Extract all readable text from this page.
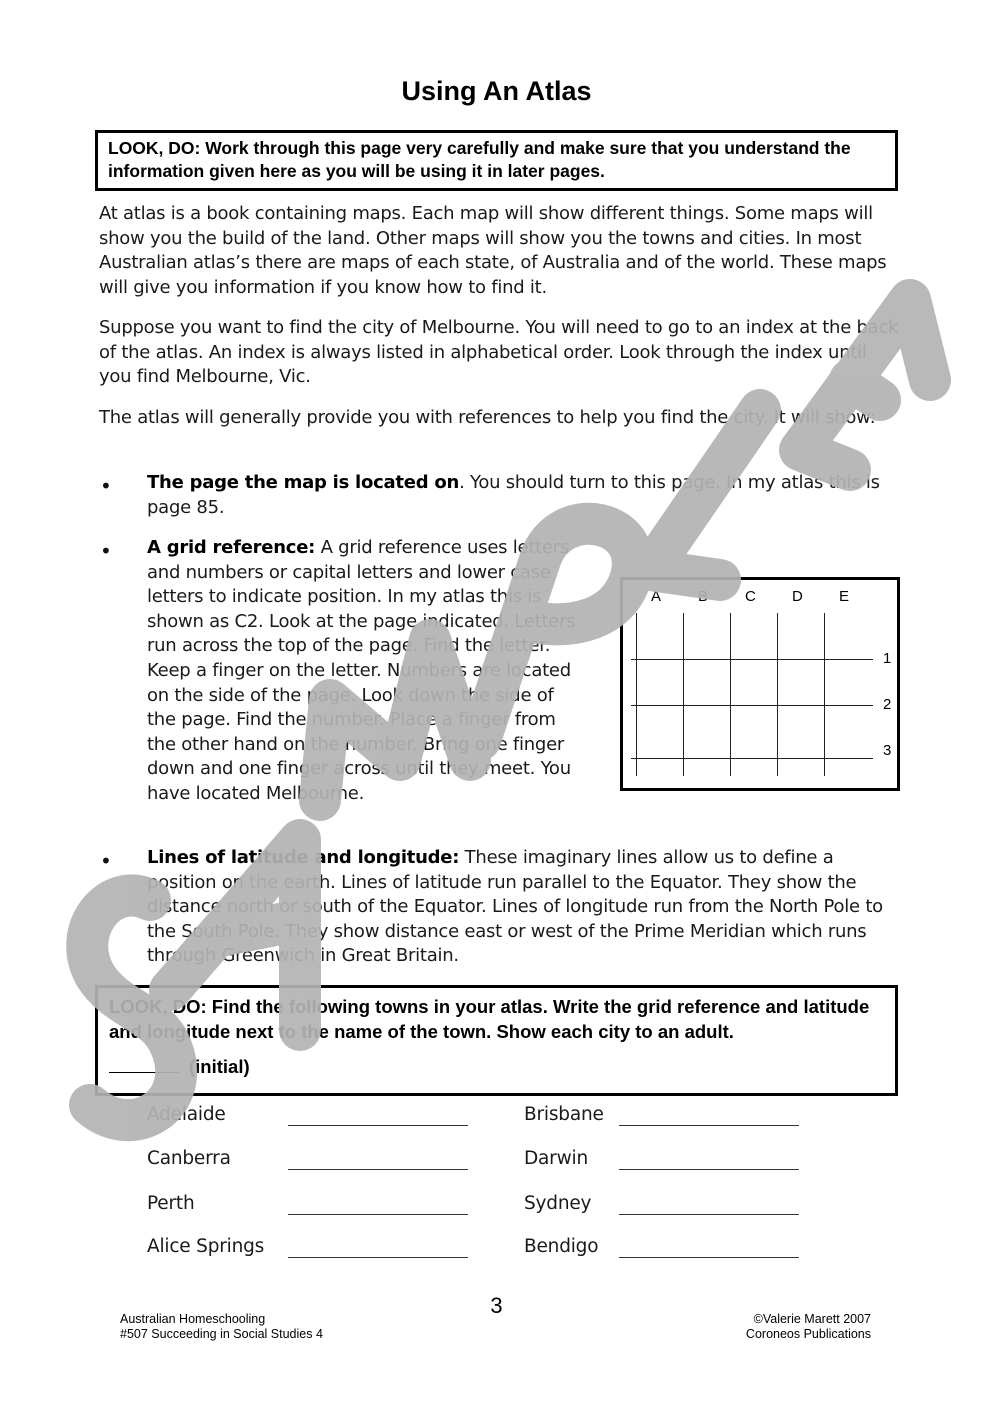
Using An Atlas

LOOK, DO: Work through this page very carefully and make sure that you understand the information given here as you will be using it in later pages.

At atlas is a book containing maps. Each map will show different things. Some maps will show you the build of the land. Other maps will show you the towns and cities. In most Australian atlas’s there are maps of each state, of Australia and of the world. These maps will give you information if you know how to find it.

Suppose you want to find the city of Melbourne. You will need to go to an index at the back of the atlas. An index is always listed in alphabetical order. Look through the index until you find Melbourne, Vic.

The atlas will generally provide you with references to help you find the city. It will show:

• The page the map is located on. You should turn to this page. In my atlas this is page 85.

• A grid reference: A grid reference uses letters and numbers or capital letters and lower case letters to indicate position. In my atlas this is shown as C2. Look at the page indicated. Letters run across the top of the page. Find the letter. Keep a finger on the letter. Numbers are located on the side of the page. Look down the side of the page. Find the number. Place a finger from the other hand on the number. Bring one finger down and one finger across until they meet. You have located Melbourne.

A B C D E
1
2
3
• Lines of latitude and longitude: These imaginary lines allow us to define a position on the earth. Lines of latitude run parallel to the Equator. They show the distance north or south of the Equator. Lines of longitude run from the North Pole to the South Pole. They show distance east or west of the Prime Meridian which runs through Greenwich in Great Britain.

LOOK, DO: Find the following towns in your atlas. Write the grid reference and latitude and longitude next to the name of the town. Show each city to an adult.

(initial)
Adelaide	Brisbane
Canberra	Darwin
Perth	Sydney
Alice Springs	Bendigo
3
Australian Homeschooling
#507 Succeeding in Social Studies 4
©Valerie Marett 2007
Coroneos Publications
